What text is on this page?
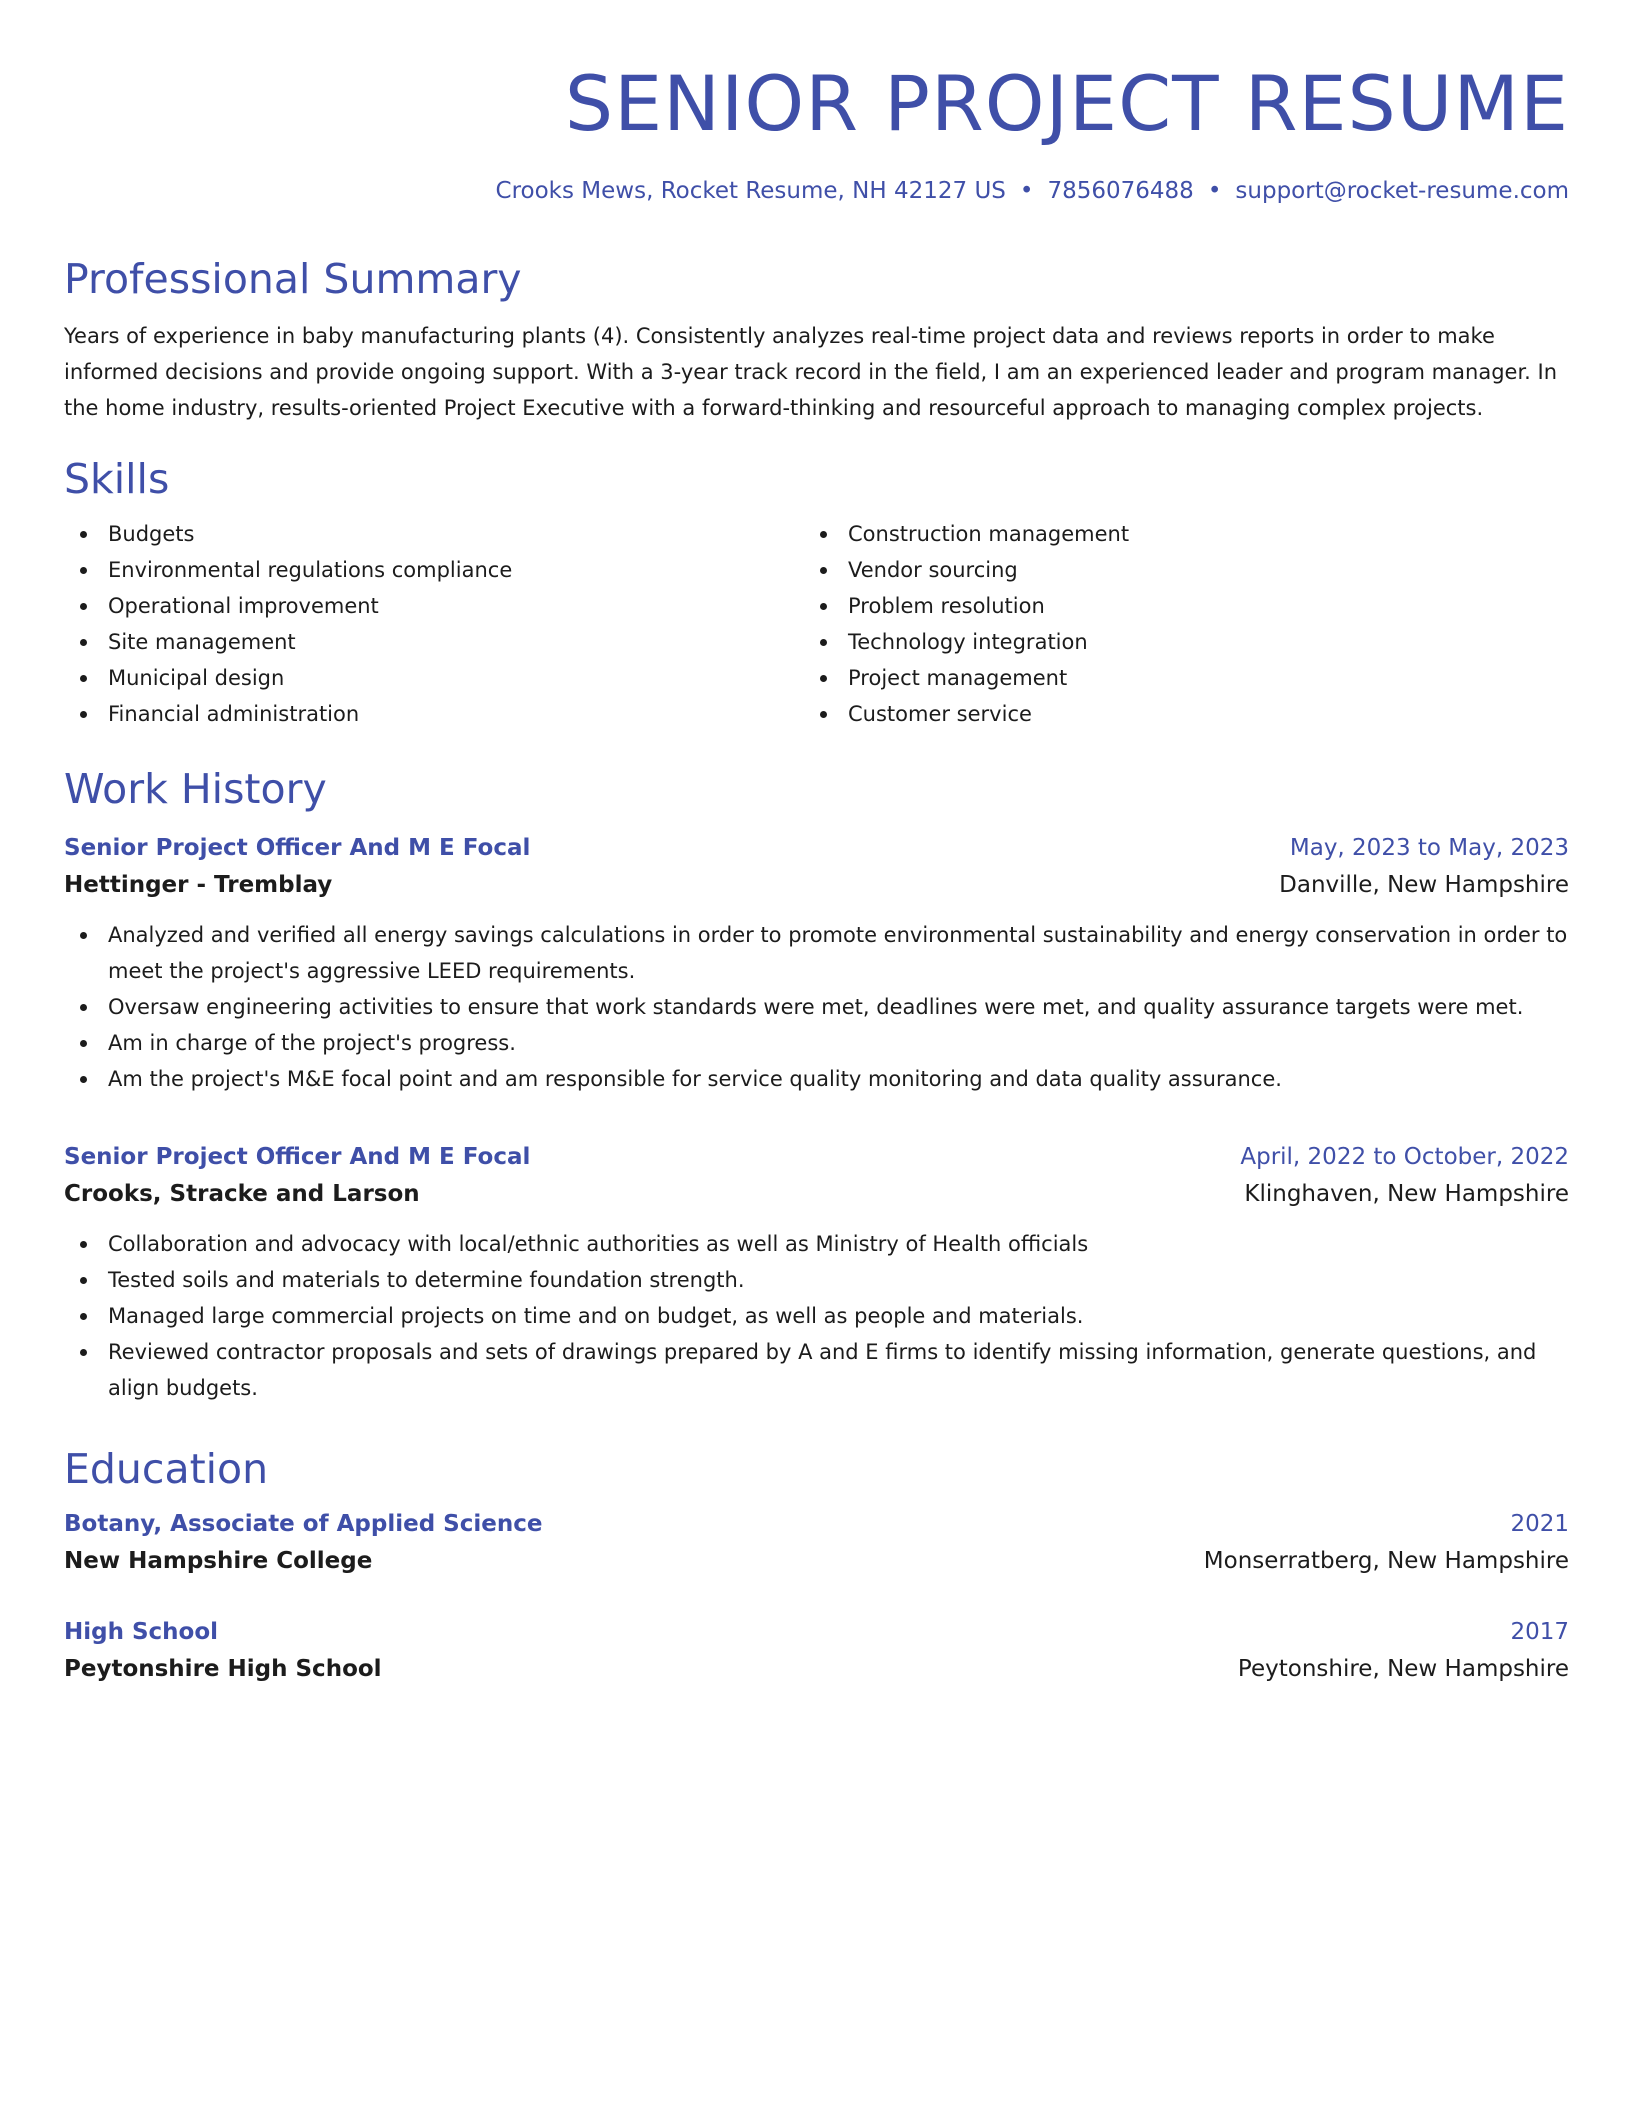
SENIOR PROJECT RESUME
Crooks Mews, Rocket Resume, NH 42127 US • 7856076488 • support@rocket-resume.com
Professional Summary

Years of experience in baby manufacturing plants (4). Consistently analyzes real-time project data and reviews reports in order to make informed decisions and provide ongoing support. With a 3-year track record in the field, I am an experienced leader and program manager. In the home industry, results-oriented Project Executive with a forward-thinking and resourceful approach to managing complex projects.

Skills
Budgets
Environmental regulations compliance
Operational improvement
Site management
Municipal design
Financial administration
Construction management
Vendor sourcing
Problem resolution
Technology integration
Project management
Customer service
Work History
Senior Project Officer And M E Focal	May, 2023 to May, 2023
Hettinger - Tremblay	Danville, New Hampshire
Analyzed and verified all energy savings calculations in order to promote environmental sustainability and energy conservation in order to meet the project's aggressive LEED requirements.
Oversaw engineering activities to ensure that work standards were met, deadlines were met, and quality assurance targets were met.
Am in charge of the project's progress.
Am the project's M&E focal point and am responsible for service quality monitoring and data quality assurance.
Senior Project Officer And M E Focal	April, 2022 to October, 2022
Crooks, Stracke and Larson	Klinghaven, New Hampshire
Collaboration and advocacy with local/ethnic authorities as well as Ministry of Health officials
Tested soils and materials to determine foundation strength.
Managed large commercial projects on time and on budget, as well as people and materials.
Reviewed contractor proposals and sets of drawings prepared by A and E firms to identify missing information, generate questions, and align budgets.
Education
Botany, Associate of Applied Science	2021
New Hampshire College	Monserratberg, New Hampshire
High School	2017
Peytonshire High School	Peytonshire, New Hampshire
